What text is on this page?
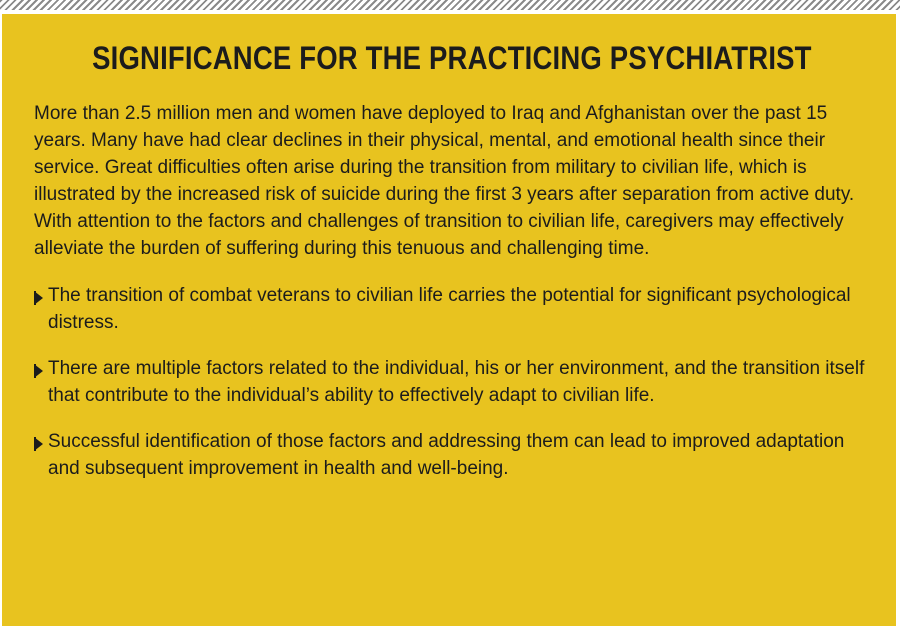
SIGNIFICANCE FOR THE PRACTICING PSYCHIATRIST

More than 2.5 million men and women have deployed to Iraq and Afghanistan over the past 15 years. Many have had clear declines in their physical, mental, and emotional health since their service. Great difficulties often arise during the transition from military to civilian life, which is illustrated by the increased risk of suicide during the first 3 years after separation from active duty. With attention to the factors and challenges of transition to civilian life, caregivers may effectively alleviate the burden of suffering during this tenuous and challenging time.

The transition of combat veterans to civilian life carries the potential for significant psychological distress.
There are multiple factors related to the individual, his or her environment, and the transition itself that contribute to the individual’s ability to effectively adapt to civilian life.
Successful identification of those factors and addressing them can lead to improved adaptation and subsequent improvement in health and well-being.
